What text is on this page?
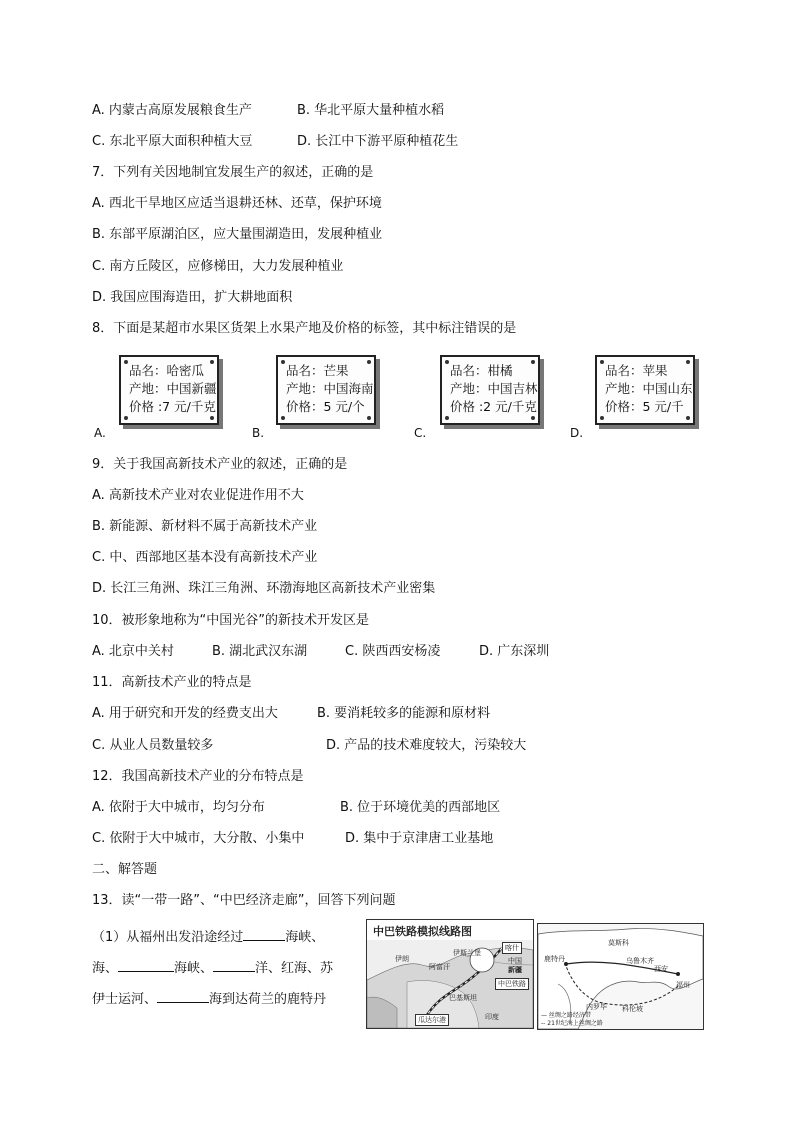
A. 内蒙古高原发展粮食生产	B. 华北平原大量种植水稻
C. 东北平原大面积种植大豆	D. 长江中下游平原种植花生
7．下列有关因地制宜发展生产的叙述，正确的是
A. 西北干旱地区应适当退耕还林、还草，保护环境
B. 东部平原湖泊区，应大量围湖造田，发展种植业
C. 南方丘陵区，应修梯田，大力发展种植业
D. 我国应围海造田，扩大耕地面积
8．下面是某超市水果区货架上水果产地及价格的标签，其中标注错误的是
品名：哈密瓜
产地：中国新疆
价格 :7 元/千克
A.
品名：芒果
产地：中国海南
价格：5 元/个
B.
品名：柑橘
产地：中国吉林
价格 :2 元/千克
C.
品名：苹果
产地：中国山东
价格：5 元/千
D.
9．关于我国高新技术产业的叙述，正确的是
A. 高新技术产业对农业促进作用不大
B. 新能源、新材料不属于高新技术产业
C. 中、西部地区基本没有高新技术产业
D. 长江三角洲、珠江三角洲、环渤海地区高新技术产业密集
10．被形象地称为“中国光谷”的新技术开发区是
A. 北京中关村	B. 湖北武汉东湖	C. 陕西西安杨凌	D. 广东深圳
11．高新技术产业的特点是
A. 用于研究和开发的经费支出大	B. 要消耗较多的能源和原材料
C. 从业人员数量较多	D. 产品的技术难度较大，污染较大
12．我国高新技术产业的分布特点是
A. 依附于大中城市，均匀分布	B. 位于环境优美的西部地区
C. 依附于大中城市，大分散、小集中	D. 集中于京津唐工业基地
二、解答题
13．读“一带一路”、“中巴经济走廊”，回答下列问题
（1）从福州出发沿途经过	海峡、
海、	海峡、	洋、红海、苏
伊士运河、	海到达荷兰的鹿特丹
中巴铁路模拟线路图
喀什
中国
新疆
伊朗
阿富汗
伊斯兰堡
巴基斯坦
印度
中巴铁路
瓜达尔港
莫斯科
乌鲁木齐
西安
福州
内罗毕 科伦坡
鹿特丹
— 丝绸之路经济带
-- 21世纪海上丝绸之路
